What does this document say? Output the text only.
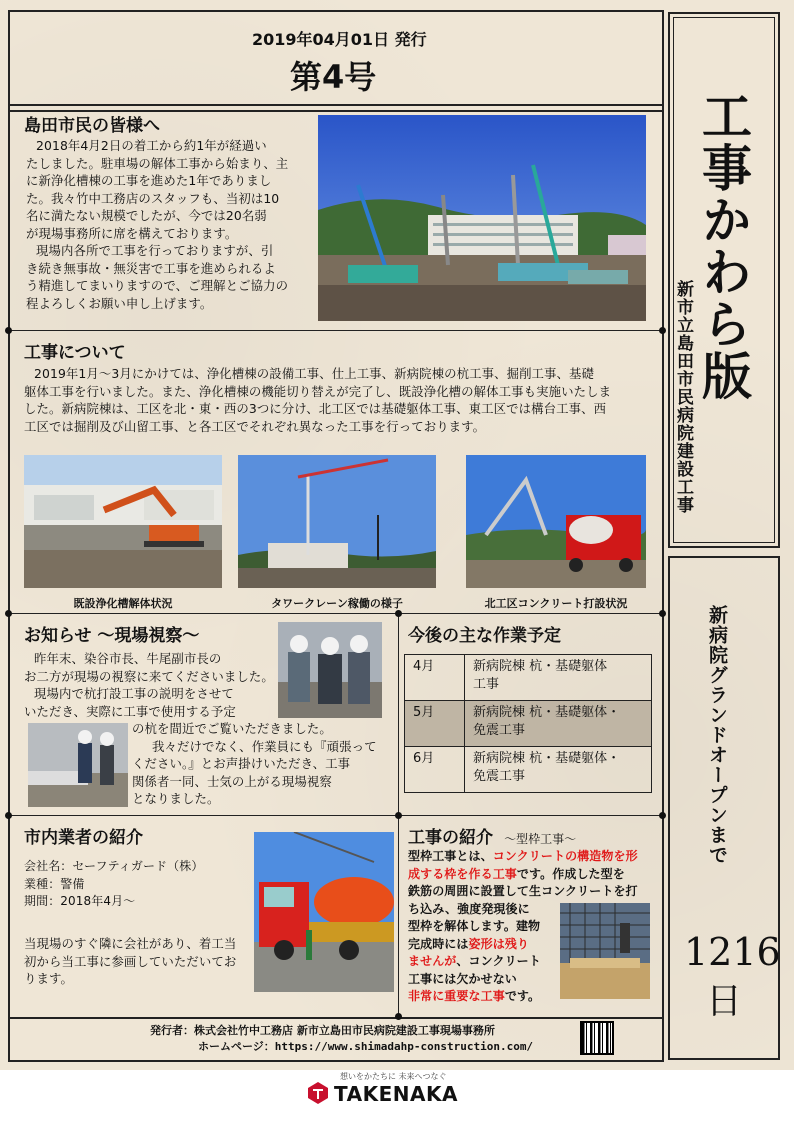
2019年04月01日 発行
第4号
工事かわら版
新市立島田市民病院建設工事
新病院グランドオープンまで
1216
日
島田市民の皆様へ
2018年4月2日の着工から約1年が経過い
たしました。駐車場の解体工事から始まり、主
に新浄化槽棟の工事を進めた1年でありまし
た。我々竹中工務店のスタッフも、当初は10
名に満たない規模でしたが、今では20名弱
が現場事務所に席を構えております。
現場内各所で工事を行っておりますが、引
き続き無事故・無災害で工事を進められるよ
う精進してまいりますので、ご理解とご協力の
程よろしくお願い申し上げます。
工事について
2019年1月～3月にかけては、浄化槽棟の設備工事、仕上工事、新病院棟の杭工事、掘削工事、基礎
躯体工事を行いました。また、浄化槽棟の機能切り替えが完了し、既設浄化槽の解体工事も実施いたしま
した。新病院棟は、工区を北・東・西の3つに分け、北工区では基礎躯体工事、東工区では構台工事、西
工区では掘削及び山留工事、と各工区でそれぞれ異なった工事を行っております。
既設浄化槽解体状況	タワークレーン稼働の様子	北工区コンクリート打設状況
お知らせ ～現場視察～
昨年末、染谷市長、牛尾副市長の
お二方が現場の視察に来てくださいました。
現場内で杭打設工事の説明をさせて
いただき、実際に工事で使用する予定
の杭を間近でご覧いただきました。
我々だけでなく、作業員にも『頑張って
ください。』とお声掛けいただき、工事
関係者一同、士気の上がる現場視察
となりました。
今後の主な作業予定
4月	新病院棟 杭・基礎躯体
工事

5月	新病院棟 杭・基礎躯体・
免震工事

6月	新病院棟 杭・基礎躯体・
免震工事
市内業者の紹介
会社名：セーフティガード（株）
業種：警備
期間：2018年4月～
当現場のすぐ隣に会社があり、着工当
初から当工事に参画していただいてお
ります。
工事の紹介 ～型枠工事～
型枠工事とは、コンクリートの構造物を形
成する枠を作る工事です。作成した型を
鉄筋の周囲に設置して生コンクリートを打
ち込み、強度発現後に
型枠を解体します。建物
完成時には姿形は残り
ませんが、コンクリート
工事には欠かせない
非常に重要な工事です。
発行者：株式会社竹中工務店 新市立島田市民病院建設工事現場事務所
ホームページ：https://www.shimadahp-construction.com/
想いをかたちに 未来へつなぐ
TAKENAKA
